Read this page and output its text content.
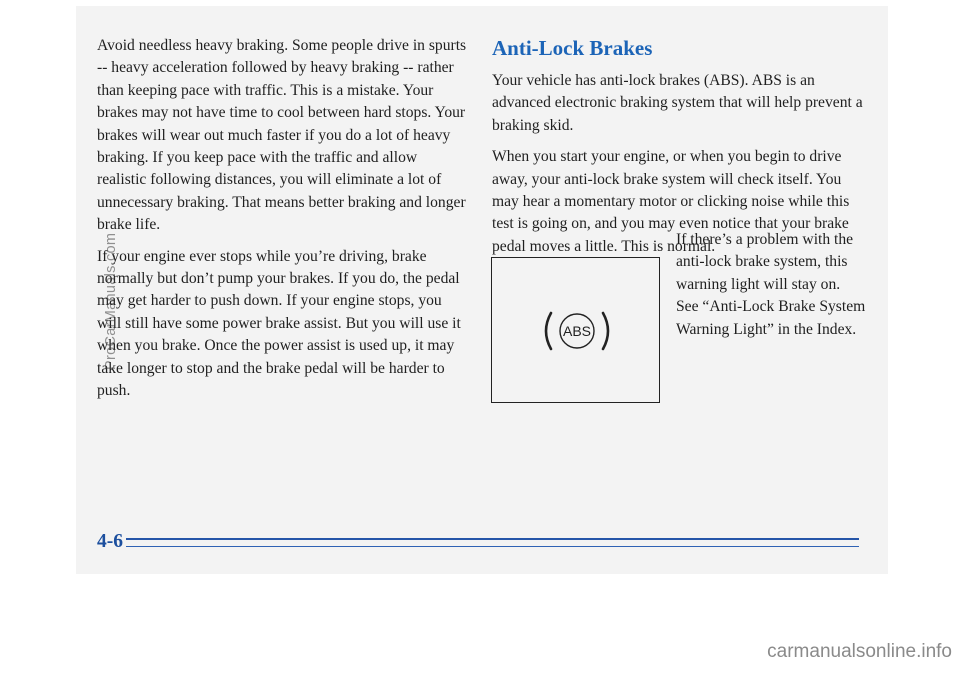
Avoid needless heavy braking. Some people drive in spurts -- heavy acceleration followed by heavy braking -- rather than keeping pace with traffic. This is a mistake. Your brakes may not have time to cool between hard stops. Your brakes will wear out much faster if you do a lot of heavy braking. If you keep pace with the traffic and allow realistic following distances, you will eliminate a lot of unnecessary braking. That means better braking and longer brake life.

If your engine ever stops while you’re driving, brake normally but don’t pump your brakes. If you do, the pedal may get harder to push down. If your engine stops, you will still have some power brake assist. But you will use it when you brake. Once the power assist is used up, it may take longer to stop and the brake pedal will be harder to push.

Anti-Lock Brakes

Your vehicle has anti-lock brakes (ABS). ABS is an advanced electronic braking system that will help prevent a braking skid.

When you start your engine, or when you begin to drive away, your anti-lock brake system will check itself. You may hear a momentary motor or clicking noise while this test is going on, and you may even notice that your brake pedal moves a little. This is normal.

ABS
If there’s a problem with the anti-lock brake system, this warning light will stay on. See “Anti-Lock Brake System Warning Light” in the Index.
4-6
ProCarManuals.com
carmanualsonline.info
